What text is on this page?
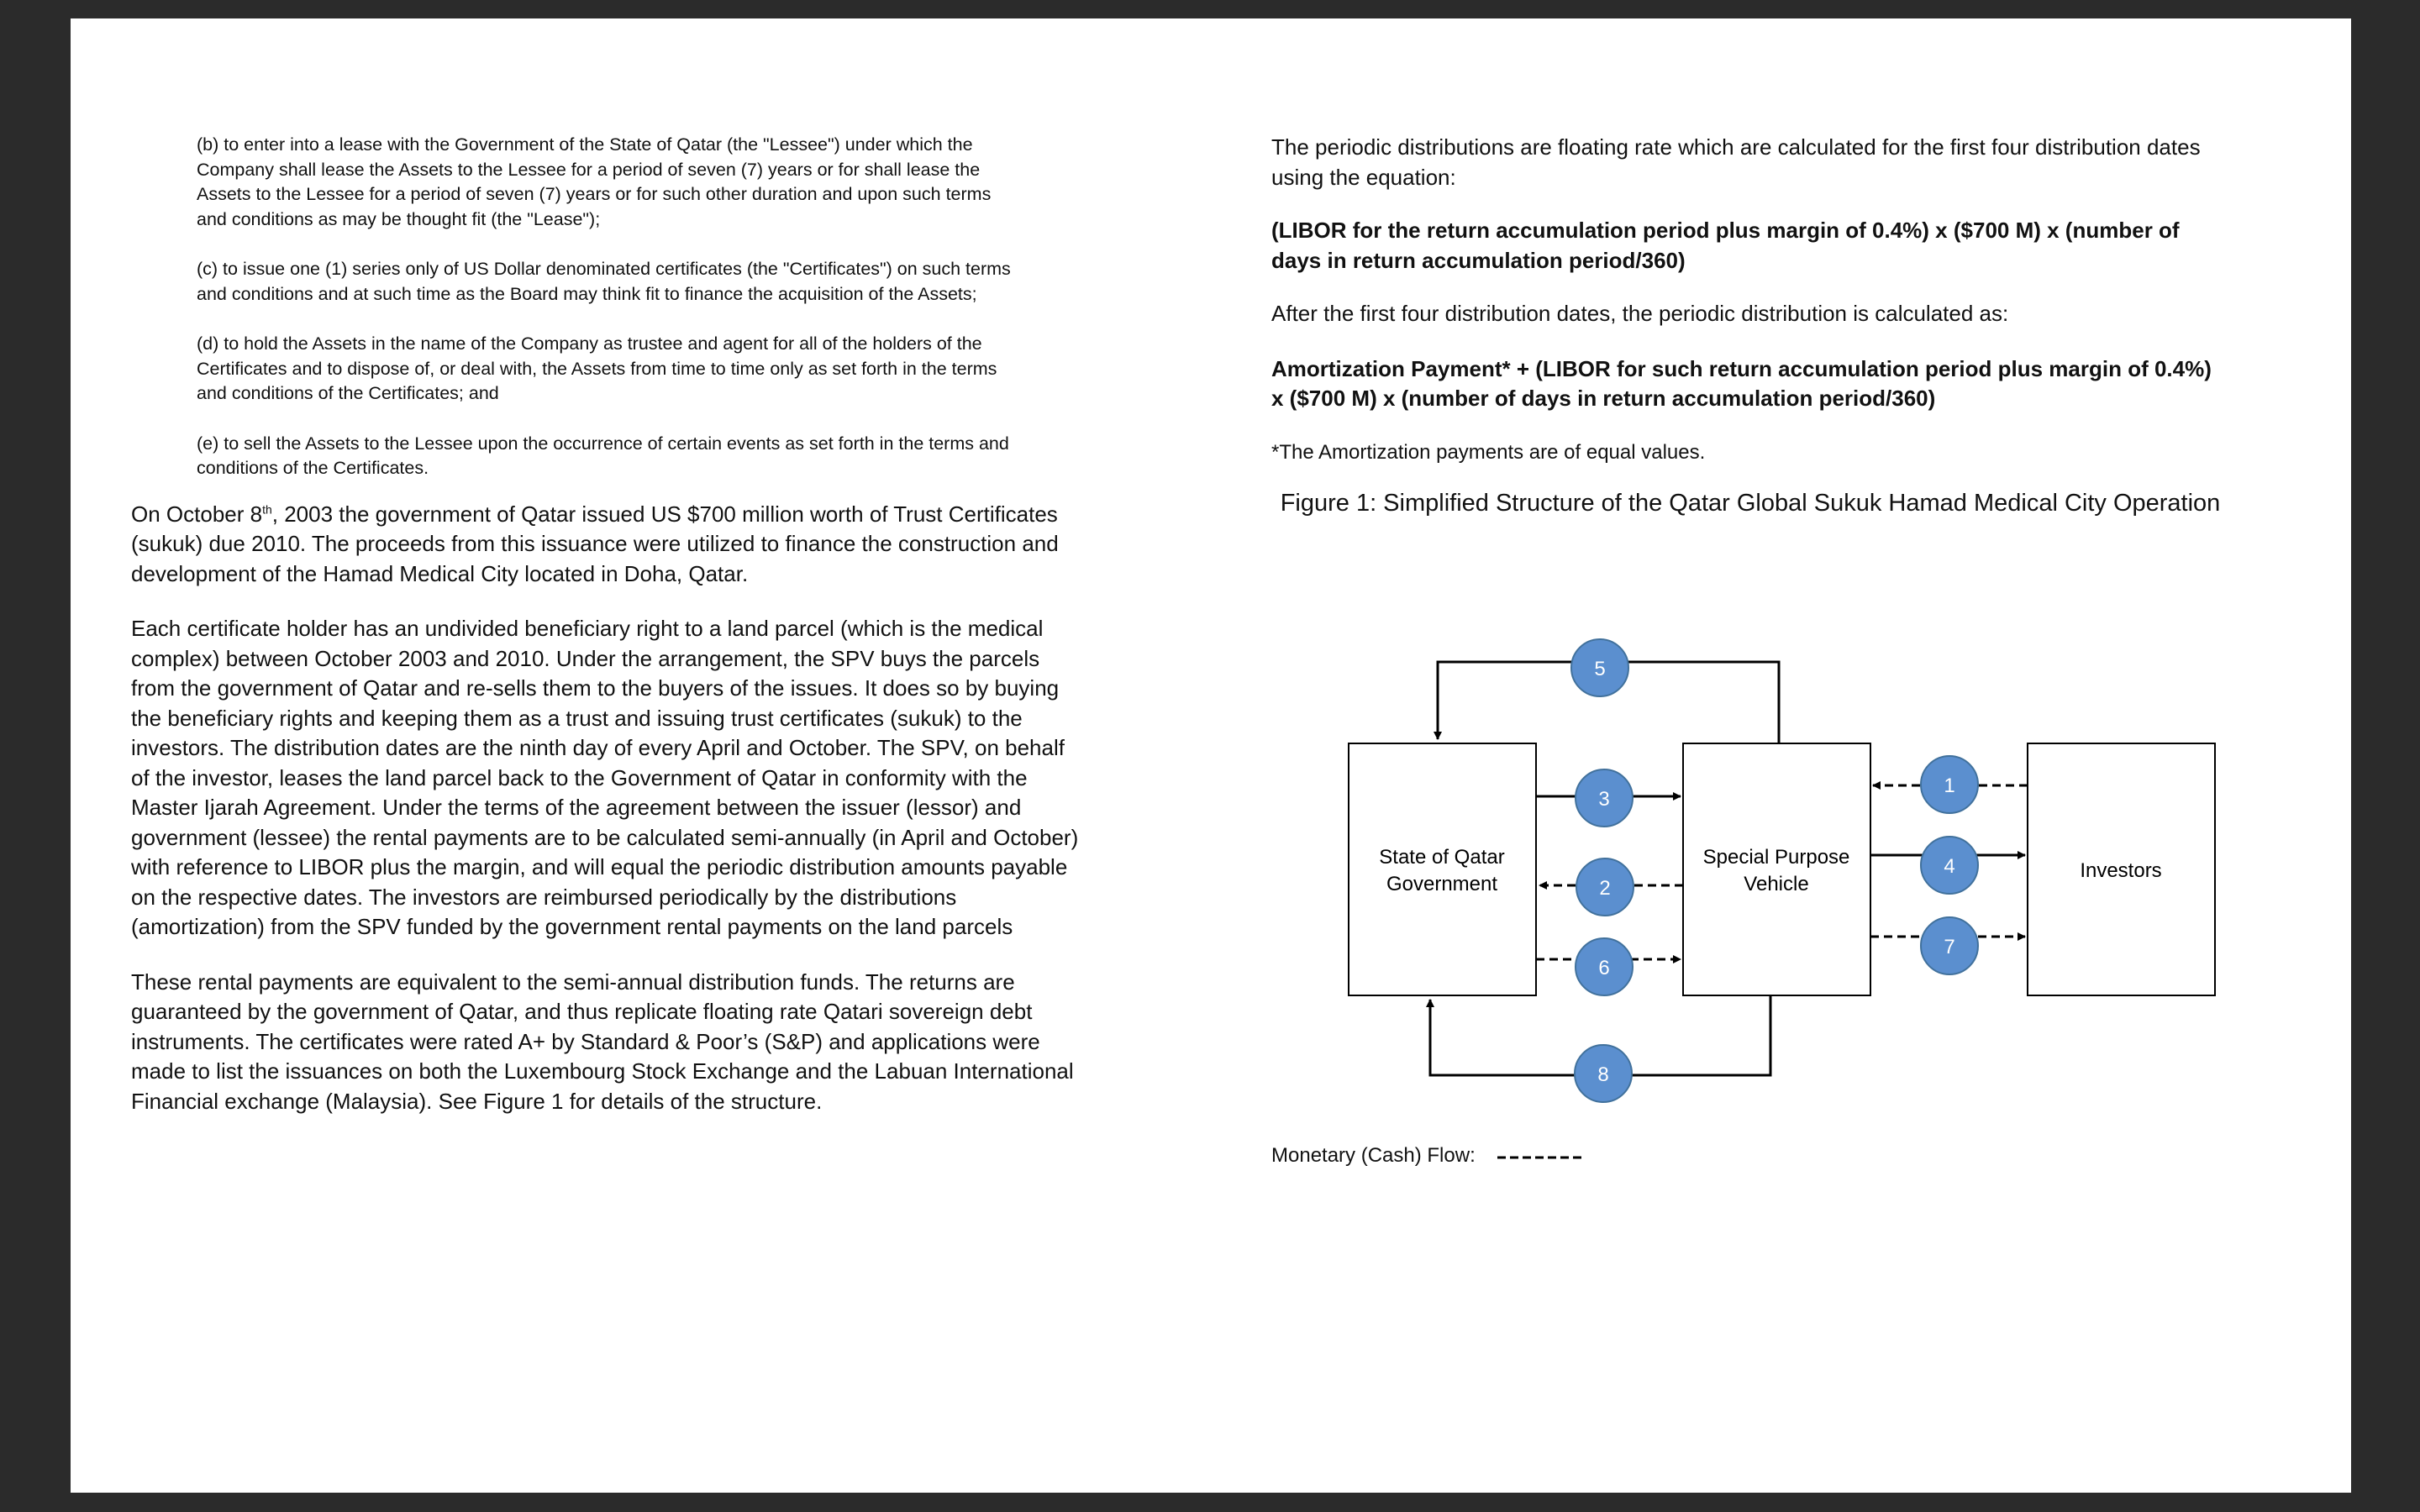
(b) to enter into a lease with the Government of the State of Qatar (the "Lessee") under which the Company shall lease the Assets to the Lessee for a period of seven (7) years or for shall lease the Assets to the Lessee for a period of seven (7) years or for such other duration and upon such terms and conditions as may be thought fit (the "Lease");
(c) to issue one (1) series only of US Dollar denominated certificates (the "Certificates") on such terms and conditions and at such time as the Board may think fit to finance the acquisition of the Assets;
(d) to hold the Assets in the name of the Company as trustee and agent for all of the holders of the Certificates and to dispose of, or deal with, the Assets from time to time only as set forth in the terms and conditions of the Certificates; and
(e) to sell the Assets to the Lessee upon the occurrence of certain events as set forth in the terms and conditions of the Certificates.

On October 8th, 2003 the government of Qatar issued US $700 million worth of Trust Certificates (sukuk) due 2010. The proceeds from this issuance were utilized to finance the construction and development of the Hamad Medical City located in Doha, Qatar.

Each certificate holder has an undivided beneficiary right to a land parcel (which is the medical complex) between October 2003 and 2010. Under the arrangement, the SPV buys the parcels from the government of Qatar and re-sells them to the buyers of the issues. It does so by buying the beneficiary rights and keeping them as a trust and issuing trust certificates (sukuk) to the investors. The distribution dates are the ninth day of every April and October. The SPV, on behalf of the investor, leases the land parcel back to the Government of Qatar in conformity with the Master Ijarah Agreement. Under the terms of the agreement between the issuer (lessor) and government (lessee) the rental payments are to be calculated semi-annually (in April and October) with reference to LIBOR plus the margin, and will equal the periodic distribution amounts payable on the respective dates. The investors are reimbursed periodically by the distributions (amortization) from the SPV funded by the government rental payments on the land parcels

These rental payments are equivalent to the semi-annual distribution funds. The returns are guaranteed by the government of Qatar, and thus replicate floating rate Qatari sovereign debt instruments. The certificates were rated A+ by Standard & Poor’s (S&P) and applications were made to list the issuances on both the Luxembourg Stock Exchange and the Labuan International Financial exchange (Malaysia). See Figure 1 for details of the structure.

The periodic distributions are floating rate which are calculated for the first four distribution dates using the equation:

(LIBOR for the return accumulation period plus margin of 0.4%) x ($700 M) x (number of days in return accumulation period/360)

After the first four distribution dates, the periodic distribution is calculated as:

Amortization Payment* + (LIBOR for such return accumulation period plus margin of 0.4%) x ($700 M) x (number of days in return accumulation period/360)

*The Amortization payments are of equal values.

Figure 1: Simplified Structure of the Qatar Global Sukuk Hamad Medical City Operation

State of Qatar
Government
Special Purpose
Vehicle
Investors
5
3
2
6
1
4
7
8
Monetary (Cash) Flow:
